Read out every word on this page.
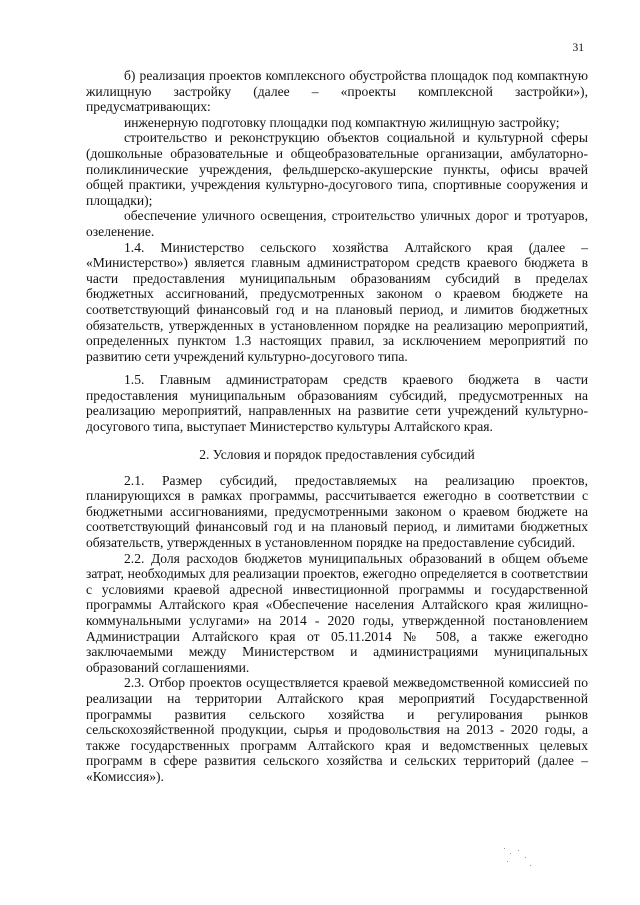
31

б) реализация проектов комплексного обустройства площадок под компактную жилищную застройку (далее – «проекты комплексной застройки»), предусматривающих:

инженерную подготовку площадки под компактную жилищную застройку;

строительство и реконструкцию объектов социальной и культурной сферы (дошкольные образовательные и общеобразовательные организации, амбулаторно-поликлинические учреждения, фельдшерско-акушерские пункты, офисы врачей общей практики, учреждения культурно-досугового типа, спортивные сооружения и площадки);

обеспечение уличного освещения, строительство уличных дорог и тротуаров, озеленение.

1.4. Министерство сельского хозяйства Алтайского края (далее – «Министерство») является главным администратором средств краевого бюджета в части предоставления муниципальным образованиям субсидий в пределах бюджетных ассигнований, предусмотренных законом о краевом бюджете на соответствующий финансовый год и на плановый период, и лимитов бюджетных обязательств, утвержденных в установленном порядке на реализацию мероприятий, определенных пунктом 1.3 настоящих правил, за исключением мероприятий по развитию сети учреждений культурно-досугового типа.

1.5. Главным администраторам средств краевого бюджета в части предоставления муниципальным образованиям субсидий, предусмотренных на реализацию мероприятий, направленных на развитие сети учреждений культурно-досугового типа, выступает Министерство культуры Алтайского края.

2. Условия и порядок предоставления субсидий

2.1. Размер субсидий, предоставляемых на реализацию проектов, планирующихся в рамках программы, рассчитывается ежегодно в соответствии с бюджетными ассигнованиями, предусмотренными законом о краевом бюджете на соответствующий финансовый год и на плановый период, и лимитами бюджетных обязательств, утвержденных в установленном порядке на предоставление субсидий.

2.2. Доля расходов бюджетов муниципальных образований в общем объеме затрат, необходимых для реализации проектов, ежегодно определяется в соответствии с условиями краевой адресной инвестиционной программы и государственной программы Алтайского края «Обеспечение населения Алтайского края жилищно-коммунальными услугами» на 2014 - 2020 годы, утвержденной постановлением Администрации Алтайского края от 05.11.2014 № 508, а также ежегодно заключаемыми между Министерством и администрациями муниципальных образований соглашениями.

2.3. Отбор проектов осуществляется краевой межведомственной комиссией по реализации на территории Алтайского края мероприятий Государственной программы развития сельского хозяйства и регулирования рынков сельскохозяйственной продукции, сырья и продовольствия на 2013 - 2020 годы, а также государственных программ Алтайского края и ведомственных целевых программ в сфере развития сельского хозяйства и сельских территорий (далее – «Комиссия»).
